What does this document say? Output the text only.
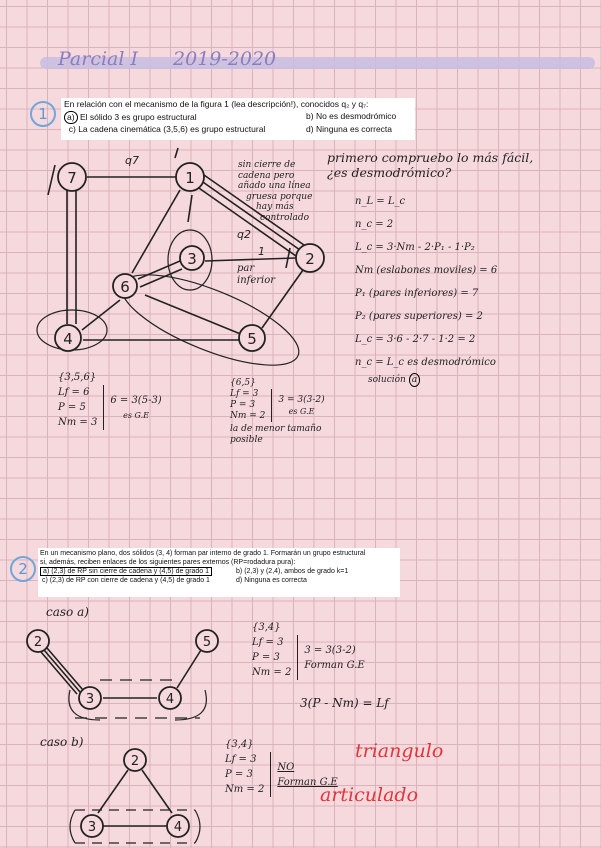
Parcial I 2019-2020
1
En relación con el mecanismo de la figura 1 (lea descripción!), conocidos q₂ y q₇:
a) El sólido 3 es grupo estructural	b) No es desmodrómico
c) La cadena cinemática (3,5,6) es grupo estructural	d) Ninguna es correcta
7	1
3	2
6
4	5
q7
q2
1
sin cierre de
cadena pero
añado una línea
gruesa porque
hay más
controlado
par
inferior
primero compruebo lo más fácil,
¿es desmodrómico?
n_L = L_c
n_c = 2
L_c = 3·Nm - 2·P₁ - 1·P₂
Nm (eslabones moviles) = 6
P₁ (pares inferiores) = 7
P₂ (pares superiores) = 2
L_c = 3·6 - 2·7 - 1·2 = 2
n_c = L_c es desmodrómico
solución a
{3,5,6}
Lf = 6
P = 5
Nm = 3
6 = 3(5-3)
es G.E
{6,5}
Lf = 3
P = 3
Nm = 2
3 = 3(3-2)
es G.E
la de menor tamaño
posible
2
En un mecanismo plano, dos sólidos (3, 4) forman par interno de grado 1. Formarán un grupo estructural
si, además, reciben enlaces de los siguientes pares externos (RP=rodadura pura):
a) (2,3) de RP sin cierre de cadena y (4,5) de grado 1	b) (2,3) y (2,4), ambos de grado k=1
c) (2,3) de RP con cierre de cadena y (4,5) de grado 1	d) Ninguna es correcta
caso a)
2	5
3	4
{3,4}
Lf = 3
P = 3
Nm = 2
3 = 3(3-2)
Forman G.E
3(P - Nm) = Lf
caso b)
2
3	4
{3,4}
Lf = 3
P = 3
Nm = 2
NO
Forman G.E
triangulo
articulado
